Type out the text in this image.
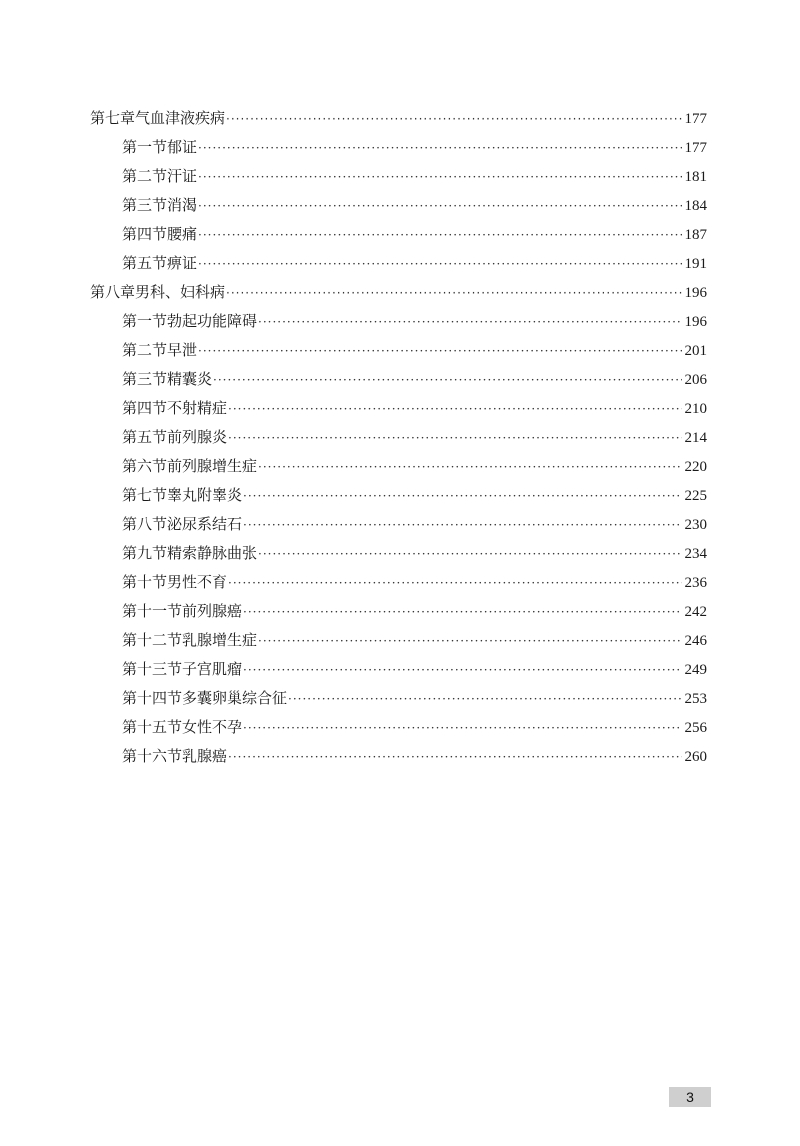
第七章 气血津液疾病 ·····	177
第一节 郁证 ·····	177
第二节 汗证 ·····	181
第三节 消渴 ·····	184
第四节 腰痛 ·····	187
第五节 痹证 ·····	191
第八章 男科、妇科病 ·····	196
第一节 勃起功能障碍 ·····	196
第二节 早泄 ·····	201
第三节 精囊炎 ·····	206
第四节 不射精症 ·····	210
第五节 前列腺炎 ·····	214
第六节 前列腺增生症 ·····	220
第七节 睾丸附睾炎 ·····	225
第八节 泌尿系结石 ·····	230
第九节 精索静脉曲张 ·····	234
第十节 男性不育 ·····	236
第十一节 前列腺癌 ·····	242
第十二节 乳腺增生症 ·····	246
第十三节 子宫肌瘤 ·····	249
第十四节 多囊卵巢综合征 ·····	253
第十五节 女性不孕 ·····	256
第十六节 乳腺癌 ·····	260
3
